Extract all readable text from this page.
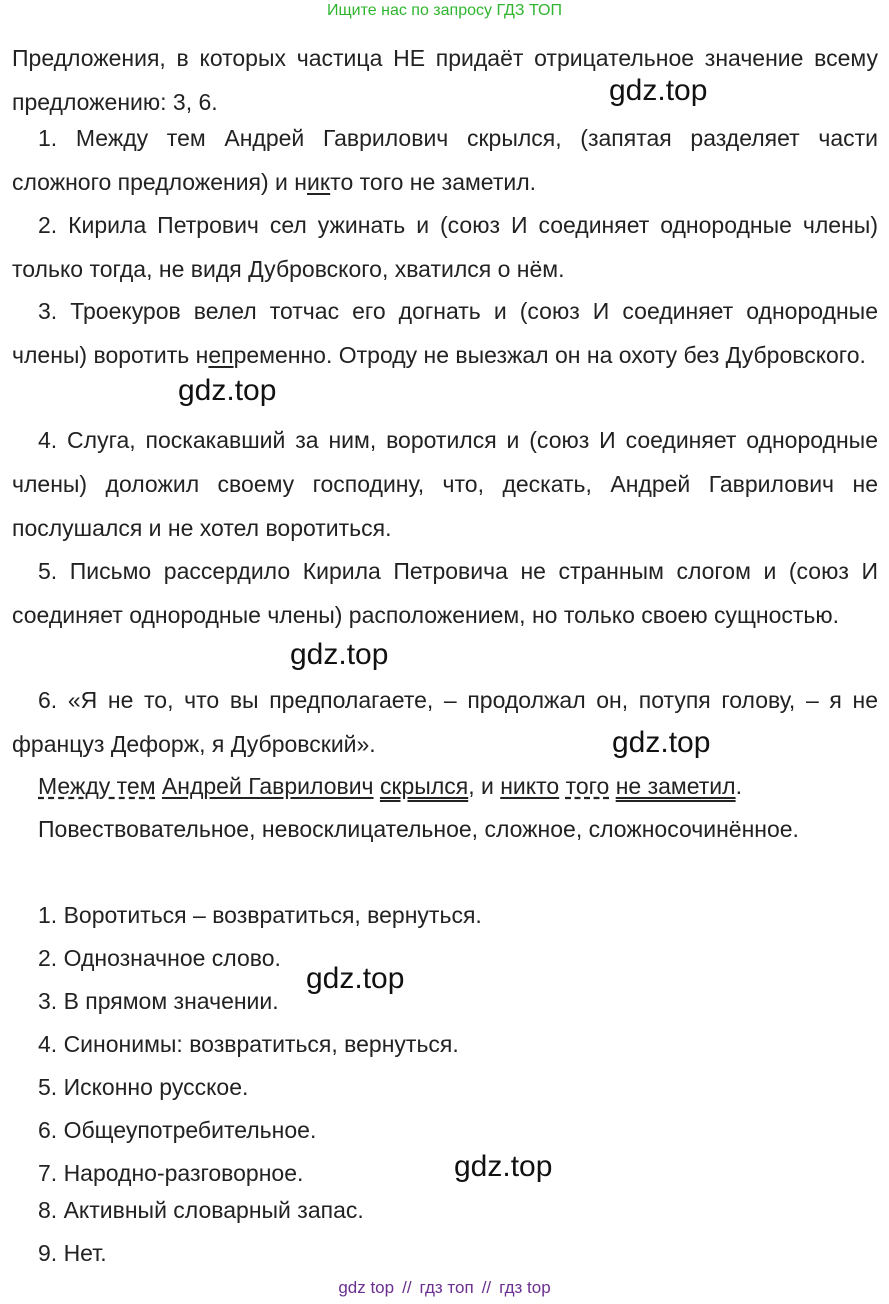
Ищите нас по запросу ГДЗ ТОП
Предложения, в которых частица НЕ придаёт отрицательное значение всему предложению: 3, 6.	gdz.top
1. Между тем Андрей Гаврилович скрылся, (запятая разделяет части сложного предложения) и никто того не заметил.
2. Кирила Петрович сел ужинать и (союз И соединяет однородные члены) только тогда, не видя Дубровского, хватился о нём.
3. Троекуров велел тотчас его догнать и (союз И соединяет однородные члены) воротить непременно. Отроду не выезжал он на охоту без Дубровского.
gdz.top
4. Слуга, поскакавший за ним, воротился и (союз И соединяет однородные члены) доложил своему господину, что, дескать, Андрей Гаврилович не послушался и не хотел воротиться.
5. Письмо рассердило Кирила Петровича не странным слогом и (союз И соединяет однородные члены) расположением, но только своею сущностью.
gdz.top
6. «Я не то, что вы предполагаете, – продолжал он, потупя голову, – я не француз Дефорж, я Дубровский».	gdz.top
Между тем Андрей Гаврилович скрылся, и никто того не заметил.
Повествовательное, невосклицательное, сложное, сложносочинённое.
1. Воротиться – возвратиться, вернуться.
2. Однозначное слово.
gdz.top
3. В прямом значении.
4. Синонимы: возвратиться, вернуться.
5. Исконно русское.
6. Общеупотребительное.
7. Народно-разговорное.	gdz.top
8. Активный словарный запас.
9. Нет.
gdz top // гдз топ // гдз top
